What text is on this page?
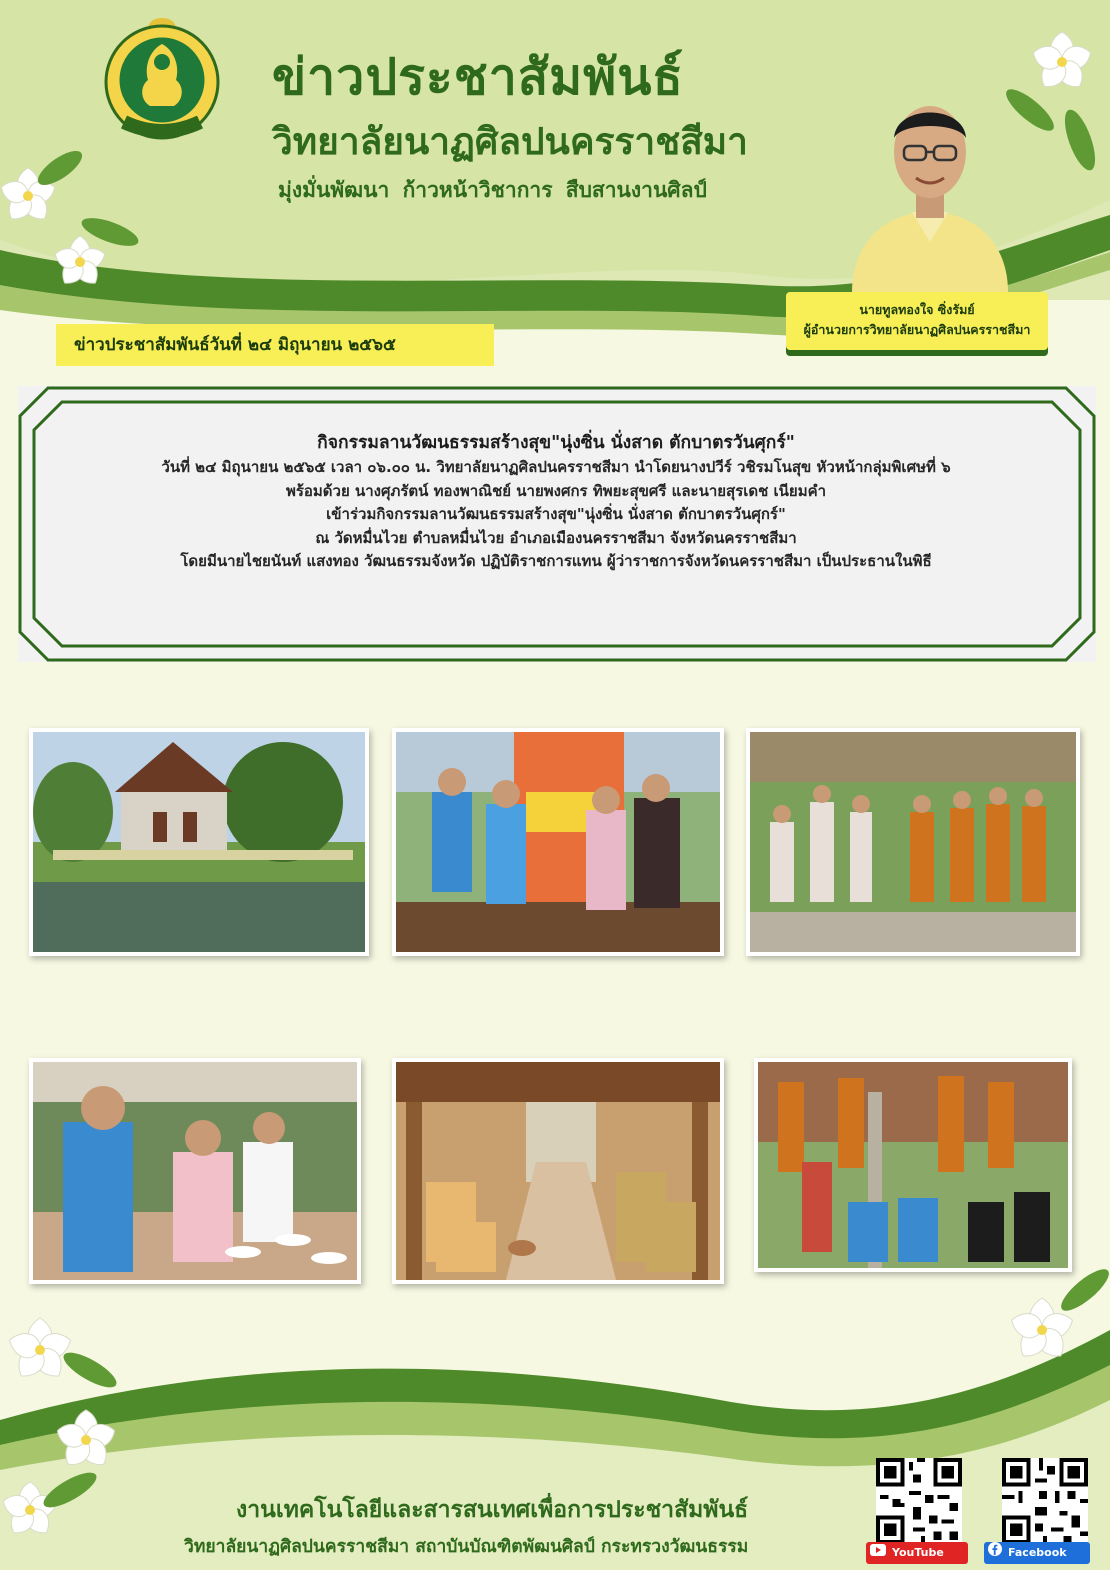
ข่าวประชาสัมพันธ์
วิทยาลัยนาฏศิลปนครราชสีมา
มุ่งมั่นพัฒนา ก้าวหน้าวิชาการ สืบสานงานศิลป์
นายทูลทองใจ ซิ่งรัมย์
ผู้อำนวยการวิทยาลัยนาฏศิลปนครราชสีมา
ข่าวประชาสัมพันธ์วันที่ ๒๔ มิถุนายน ๒๕๖๕
กิจกรรมลานวัฒนธรรมสร้างสุข"นุ่งซิ่น นั่งสาด ตักบาตรวันศุกร์"
วันที่ ๒๔ มิถุนายน ๒๕๖๕ เวลา ๐๖.๐๐ น. วิทยาลัยนาฏศิลปนครราชสีมา นำโดยนางปวีร์ วชิรมโนสุข หัวหน้ากลุ่มพิเศษที่ ๖
พร้อมด้วย นางศุภรัตน์ ทองพาณิชย์ นายพงศกร ทิพยะสุขศรี และนายสุรเดช เนียมคำ
เข้าร่วมกิจกรรมลานวัฒนธรรมสร้างสุข"นุ่งซิ่น นั่งสาด ตักบาตรวันศุกร์"
ณ วัดหมื่นไวย ตำบลหมื่นไวย อำเภอเมืองนครราชสีมา จังหวัดนครราชสีมา
โดยมีนายไชยนันท์ แสงทอง วัฒนธรรมจังหวัด ปฏิบัติราชการแทน ผู้ว่าราชการจังหวัดนครราชสีมา เป็นประธานในพิธี
งานเทคโนโลยีและสารสนเทศเพื่อการประชาสัมพันธ์
วิทยาลัยนาฏศิลปนครราชสีมา สถาบันบัณฑิตพัฒนศิลป์ กระทรวงวัฒนธรรม	YouTube	Facebook
